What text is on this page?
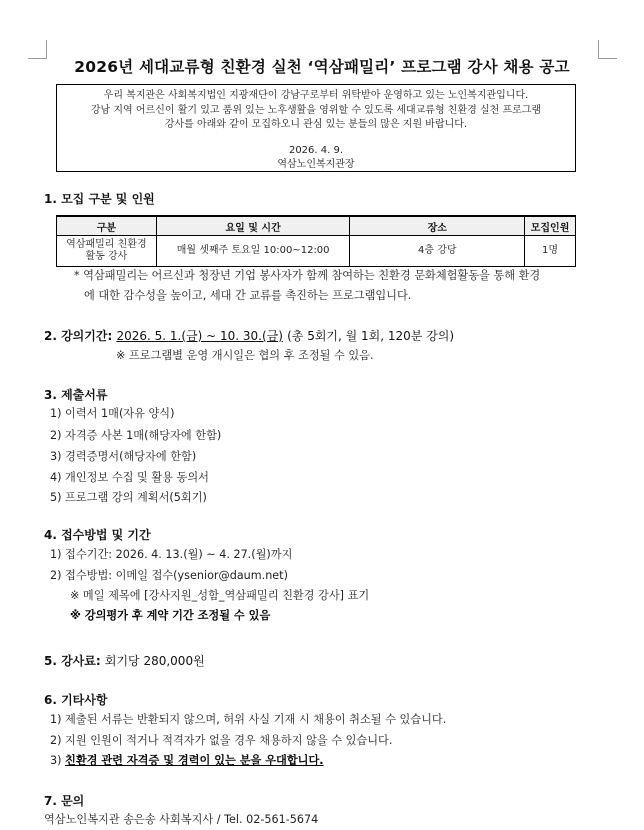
2026년 세대교류형 친환경 실천 ‘역삼패밀리’ 프로그램 강사 채용 공고
우리 복지관은 사회복지법인 지광재단이 강남구로부터 위탁받아 운영하고 있는 노인복지관입니다.
강남 지역 어르신이 활기 있고 품위 있는 노후생활을 영위할 수 있도록 세대교류형 친환경 실천 프로그램
강사를 아래와 같이 모집하오니 관심 있는 분들의 많은 지원 바랍니다.
2026. 4. 9.
역삼노인복지관장
1. 모집 구분 및 인원
구분	요일 및 시간	장소	모집인원

역삼패밀리 친환경
활동 강사	매월 셋째주 토요일 10:00~12:00	4층 강당	1명
* 역삼패밀리는 어르신과 청장년 기업 봉사자가 함께 참여하는 친환경 문화체험활동을 통해 환경
에 대한 감수성을 높이고, 세대 간 교류를 촉진하는 프로그램입니다.
2. 강의기간: 2026. 5. 1.(금) ~ 10. 30.(금) (총 5회기, 월 1회, 120분 강의)
※ 프로그램별 운영 개시일은 협의 후 조정될 수 있음.
3. 제출서류
1) 이력서 1매(자유 양식)
2) 자격증 사본 1매(해당자에 한함)
3) 경력증명서(해당자에 한함)
4) 개인정보 수집 및 활용 동의서
5) 프로그램 강의 계획서(5회기)
4. 접수방법 및 기간
1) 접수기간: 2026. 4. 13.(월) ~ 4. 27.(월)까지
2) 접수방법: 이메일 접수(ysenior@daum.net)
※ 메일 제목에 [강사지원_성함_역삼패밀리 친환경 강사] 표기
※ 강의평가 후 계약 기간 조정될 수 있음
5. 강사료: 회기당 280,000원
6. 기타사항
1) 제출된 서류는 반환되지 않으며, 허위 사실 기재 시 채용이 취소될 수 있습니다.
2) 지원 인원이 적거나 적격자가 없을 경우 채용하지 않을 수 있습니다.
3) 친환경 관련 자격증 및 경력이 있는 분을 우대합니다.
7. 문의
역삼노인복지관 송은송 사회복지사 / Tel. 02-561-5674
